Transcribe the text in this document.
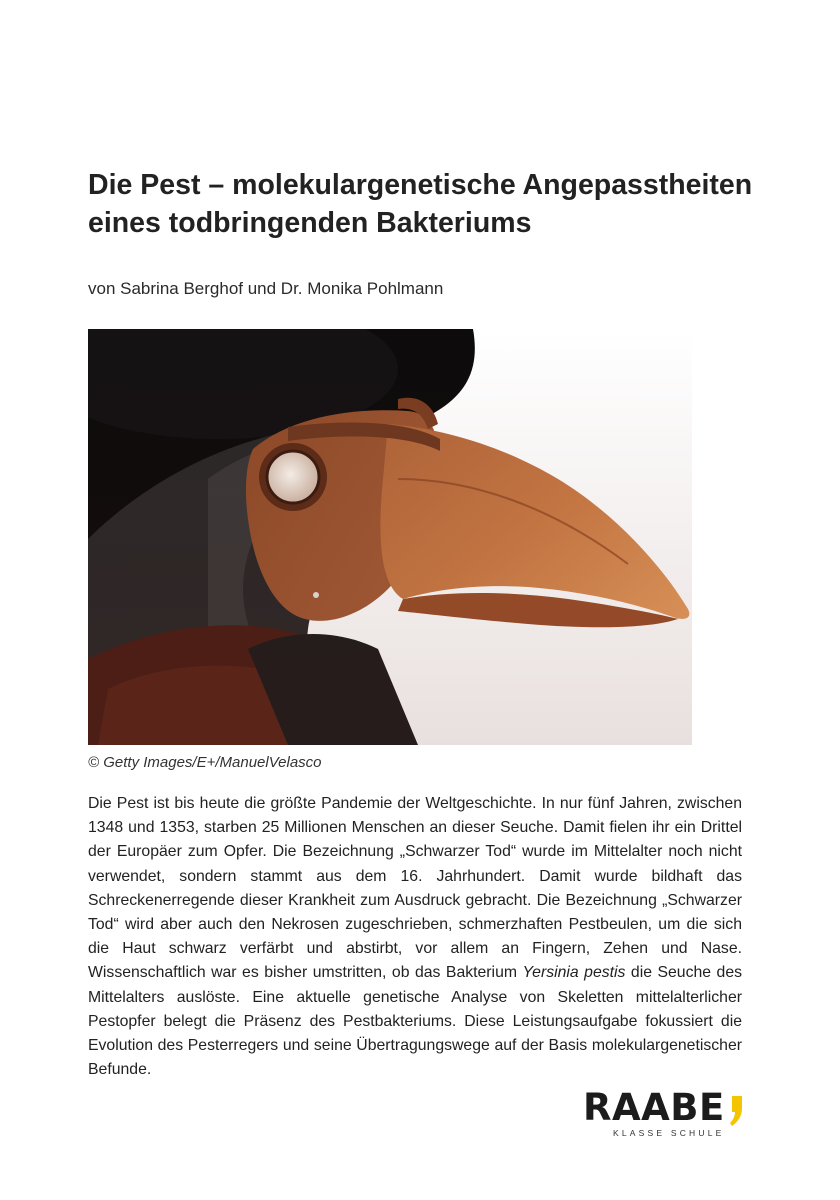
Die Pest – molekulargenetische Angepasstheiten
eines todbringenden Bakteriums

von Sabrina Berghof und Dr. Monika Pohlmann

© Getty Images/E+/ManuelVelasco

Die Pest ist bis heute die größte Pandemie der Weltgeschichte. In nur fünf Jahren, zwischen 1348 und 1353, starben 25 Millionen Menschen an dieser Seuche. Damit fielen ihr ein Drittel der Europäer zum Opfer. Die Bezeichnung „Schwarzer Tod“ wurde im Mittelalter noch nicht verwendet, sondern stammt aus dem 16. Jahrhundert. Damit wurde bildhaft das Schreckenerregende dieser Krankheit zum Ausdruck gebracht. Die Bezeichnung „Schwarzer Tod“ wird aber auch den Nekrosen zugeschrieben, schmerzhaften Pestbeulen, um die sich die Haut schwarz verfärbt und abstirbt, vor allem an Fingern, Zehen und Nase. Wissenschaftlich war es bisher umstritten, ob das Bakterium Yersinia pestis die Seuche des Mittelalters auslöste. Eine aktuelle genetische Analyse von Skeletten mittelalterlicher Pestopfer belegt die Präsenz des Pestbakteriums. Diese Leistungsaufgabe fokussiert die Evolution des Pesterregers und seine Übertragungswege auf der Basis molekulargenetischer Befunde.

RAABE
KLASSE SCHULE
